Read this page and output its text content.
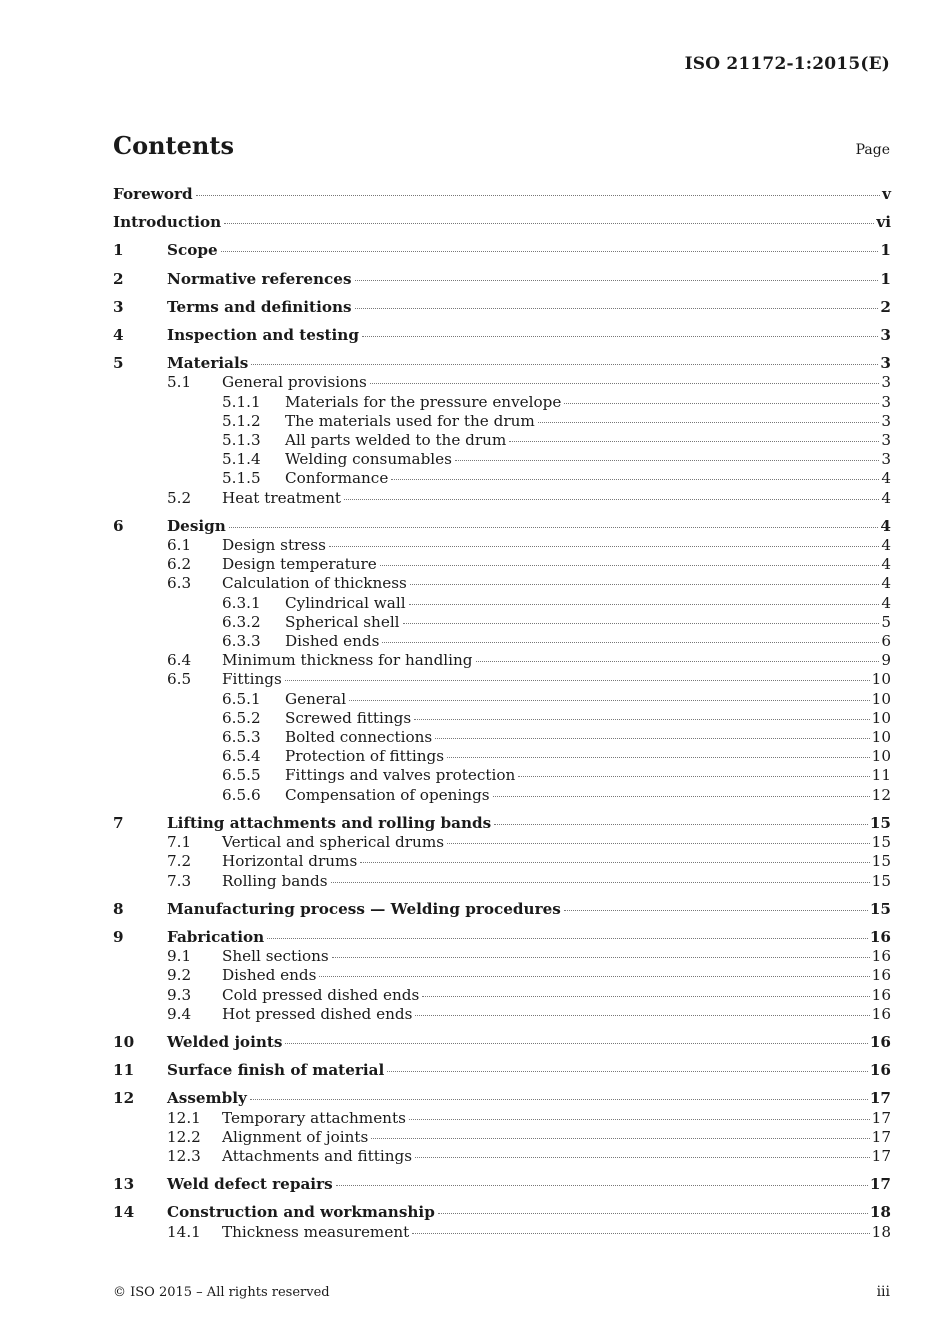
ISO 21172-1:2015(E)
Contents	Page
Foreword	v
Introduction	vi
1	Scope	1
2	Normative references	1
3	Terms and definitions	2
4	Inspection and testing	3
5	Materials	3
5.1	General provisions	3
5.1.1	Materials for the pressure envelope	3
5.1.2	The materials used for the drum	3
5.1.3	All parts welded to the drum	3
5.1.4	Welding consumables	3
5.1.5	Conformance	4
5.2	Heat treatment	4
6	Design	4
6.1	Design stress	4
6.2	Design temperature	4
6.3	Calculation of thickness	4
6.3.1	Cylindrical wall	4
6.3.2	Spherical shell	5
6.3.3	Dished ends	6
6.4	Minimum thickness for handling	9
6.5	Fittings	10
6.5.1	General	10
6.5.2	Screwed fittings	10
6.5.3	Bolted connections	10
6.5.4	Protection of fittings	10
6.5.5	Fittings and valves protection	11
6.5.6	Compensation of openings	12
7	Lifting attachments and rolling bands	15
7.1	Vertical and spherical drums	15
7.2	Horizontal drums	15
7.3	Rolling bands	15
8	Manufacturing process — Welding procedures	15
9	Fabrication	16
9.1	Shell sections	16
9.2	Dished ends	16
9.3	Cold pressed dished ends	16
9.4	Hot pressed dished ends	16
10	Welded joints	16
11	Surface finish of material	16
12	Assembly	17
12.1	Temporary attachments	17
12.2	Alignment of joints	17
12.3	Attachments and fittings	17
13	Weld defect repairs	17
14	Construction and workmanship	18
14.1	Thickness measurement	18
© ISO 2015 – All rights reserved	iii
